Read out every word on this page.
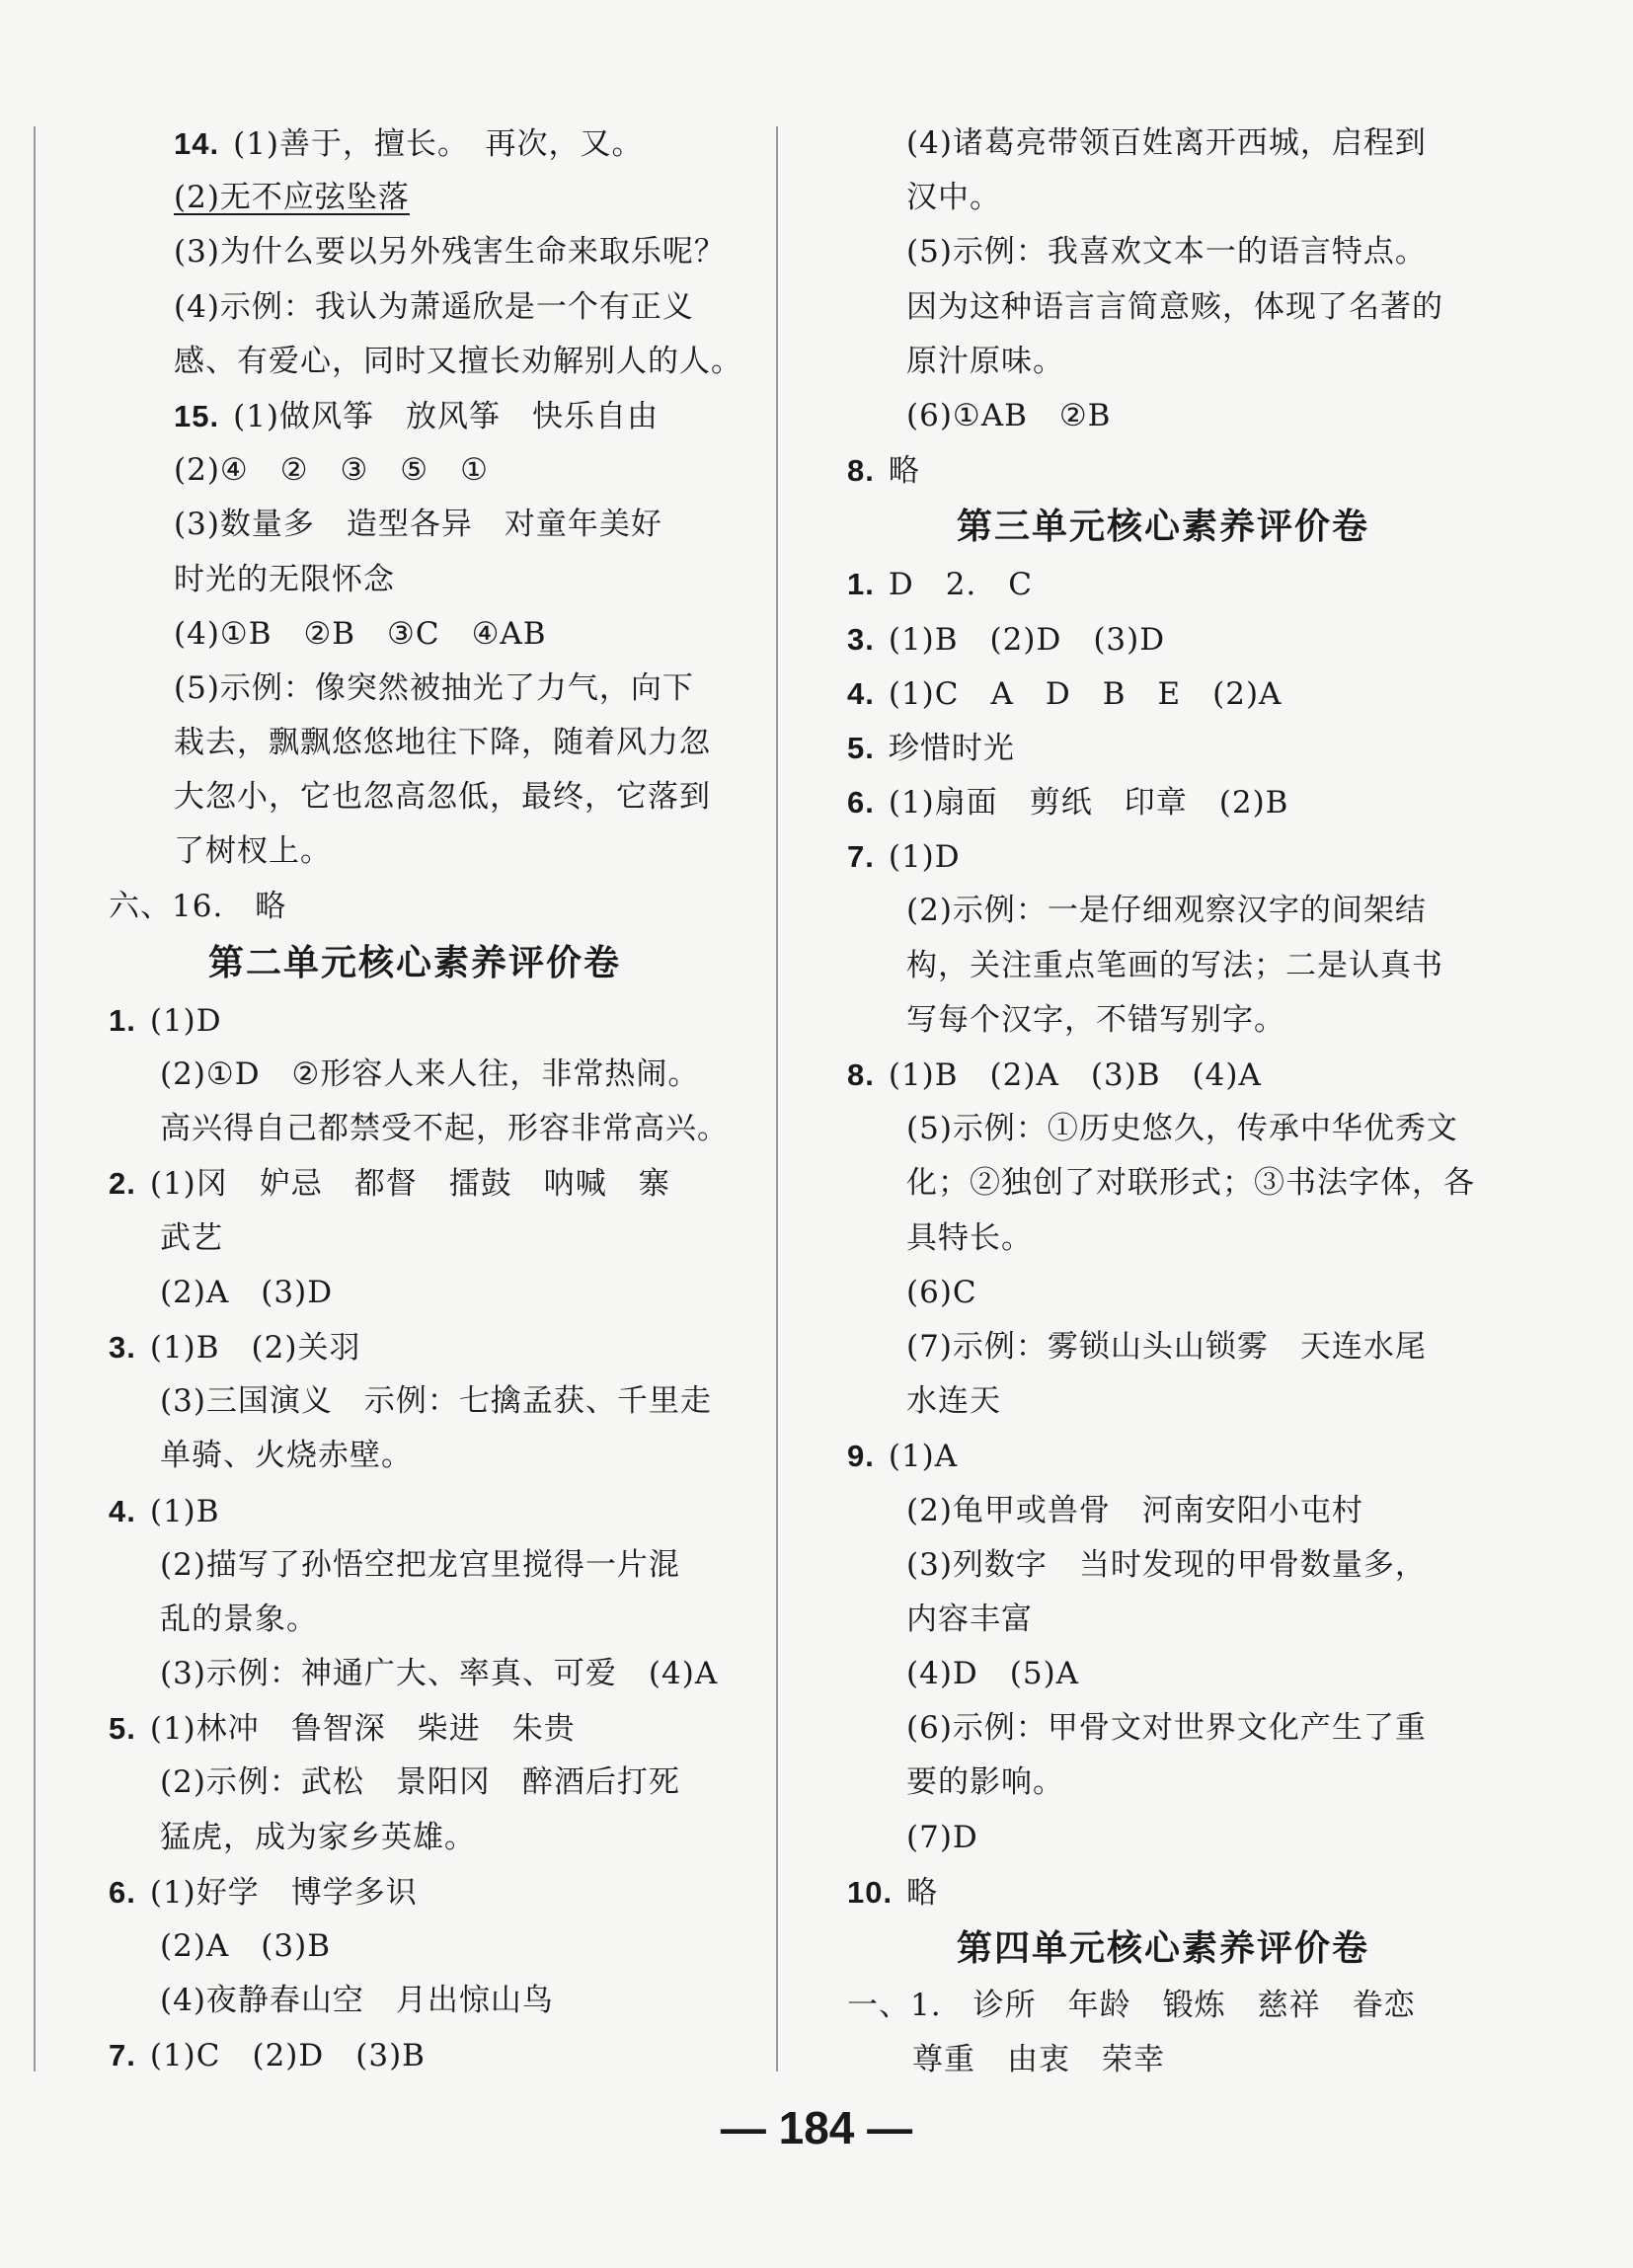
14. (1)善于，擅长。　再次，又。
(2)无不应弦坠落
(3)为什么要以另外残害生命来取乐呢？
(4)示例：我认为萧遥欣是一个有正义
感、有爱心，同时又擅长劝解别人的人。
15. (1)做风筝　放风筝　快乐自由
(2)④　②　③　⑤　①
(3)数量多　造型各异　对童年美好
时光的无限怀念
(4)①B　②B　③C　④AB
(5)示例：像突然被抽光了力气，向下
栽去，飘飘悠悠地往下降，随着风力忽
大忽小，它也忽高忽低，最终，它落到
了树杈上。
六、16.　略
第二单元核心素养评价卷
1. (1)D
(2)①D　②形容人来人往，非常热闹。
高兴得自己都禁受不起，形容非常高兴。
2. (1)冈　妒忌　都督　擂鼓　呐喊　寨
武艺
(2)A　(3)D
3. (1)B　(2)关羽
(3)三国演义　示例：七擒孟获、千里走
单骑、火烧赤壁。
4. (1)B
(2)描写了孙悟空把龙宫里搅得一片混
乱的景象。
(3)示例：神通广大、率真、可爱　(4)A
5. (1)林冲　鲁智深　柴进　朱贵
(2)示例：武松　景阳冈　醉酒后打死
猛虎，成为家乡英雄。
6. (1)好学　博学多识
(2)A　(3)B
(4)夜静春山空　月出惊山鸟
7. (1)C　(2)D　(3)B
(4)诸葛亮带领百姓离开西城，启程到
汉中。
(5)示例：我喜欢文本一的语言特点。
因为这种语言言简意赅，体现了名著的
原汁原味。
(6)①AB　②B
8. 略
第三单元核心素养评价卷
1. D　2.　C
3. (1)B　(2)D　(3)D
4. (1)C　A　D　B　E　(2)A
5. 珍惜时光
6. (1)扇面　剪纸　印章　(2)B
7. (1)D
(2)示例：一是仔细观察汉字的间架结
构，关注重点笔画的写法；二是认真书
写每个汉字，不错写别字。
8. (1)B　(2)A　(3)B　(4)A
(5)示例：①历史悠久，传承中华优秀文
化；②独创了对联形式；③书法字体，各
具特长。
(6)C
(7)示例：雾锁山头山锁雾　天连水尾
水连天
9. (1)A
(2)龟甲或兽骨　河南安阳小屯村
(3)列数字　当时发现的甲骨数量多，
内容丰富
(4)D　(5)A
(6)示例：甲骨文对世界文化产生了重
要的影响。
(7)D
10. 略
第四单元核心素养评价卷
一、1.　诊所　年龄　锻炼　慈祥　眷恋
尊重　由衷　荣幸
— 184 —
